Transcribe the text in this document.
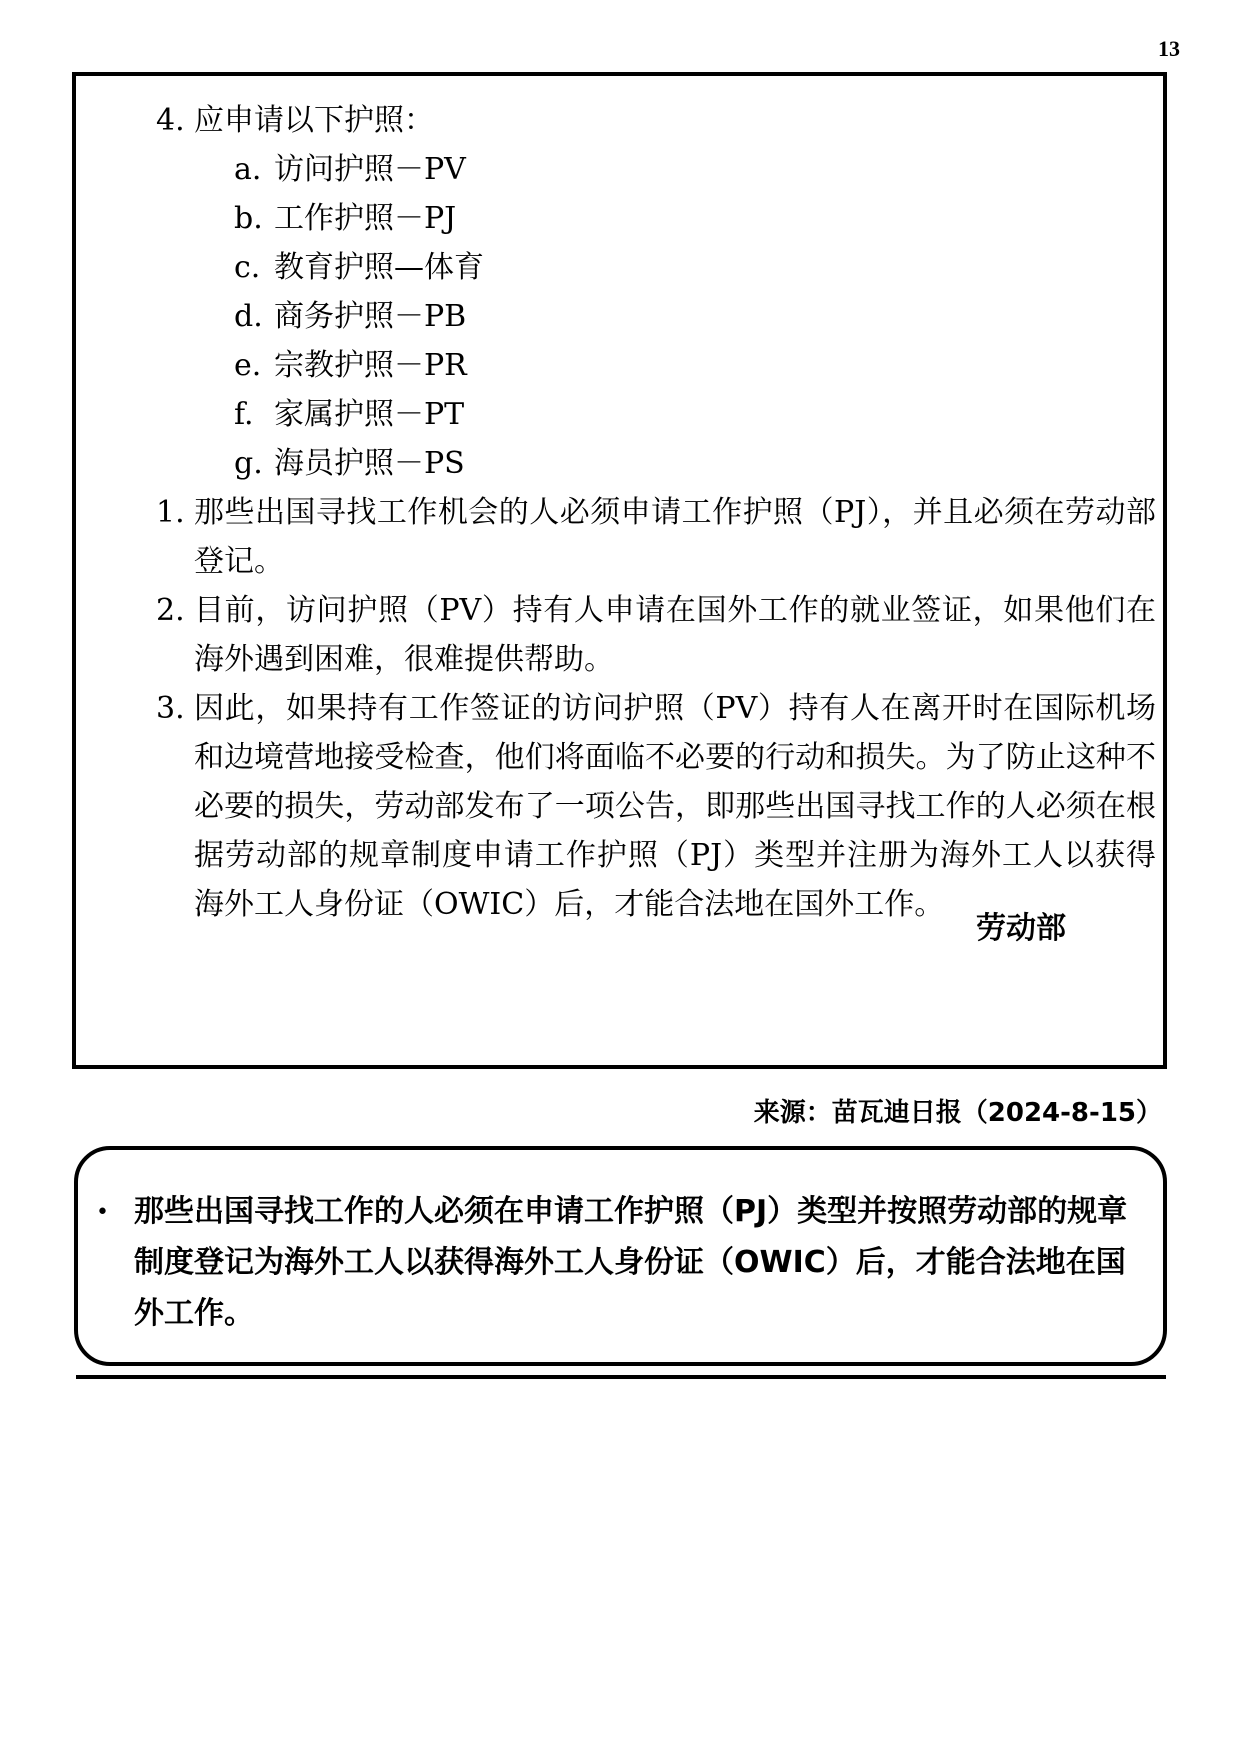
13
4. 应申请以下护照：
a. 访问护照－PV
b. 工作护照－PJ
c. 教育护照—体育
d. 商务护照－PB
e. 宗教护照－PR
f. 家属护照－PT
g. 海员护照－PS
1. 那些出国寻找工作机会的人必须申请工作护照（PJ），并且必须在劳动部登记。
2. 目前，访问护照（PV）持有人申请在国外工作的就业签证，如果他们在海外遇到困难，很难提供帮助。
3. 因此，如果持有工作签证的访问护照（PV）持有人在离开时在国际机场和边境营地接受检查，他们将面临不必要的行动和损失。为了防止这种不必要的损失，劳动部发布了一项公告，即那些出国寻找工作的人必须在根据劳动部的规章制度申请工作护照（PJ）类型并注册为海外工人以获得海外工人身份证（OWIC）后，才能合法地在国外工作。
劳动部
来源：苗瓦迪日报（2024-8-15）
• 那些出国寻找工作的人必须在申请工作护照（PJ）类型并按照劳动部的规章制度登记为海外工人以获得海外工人身份证（OWIC）后，才能合法地在国外工作。
